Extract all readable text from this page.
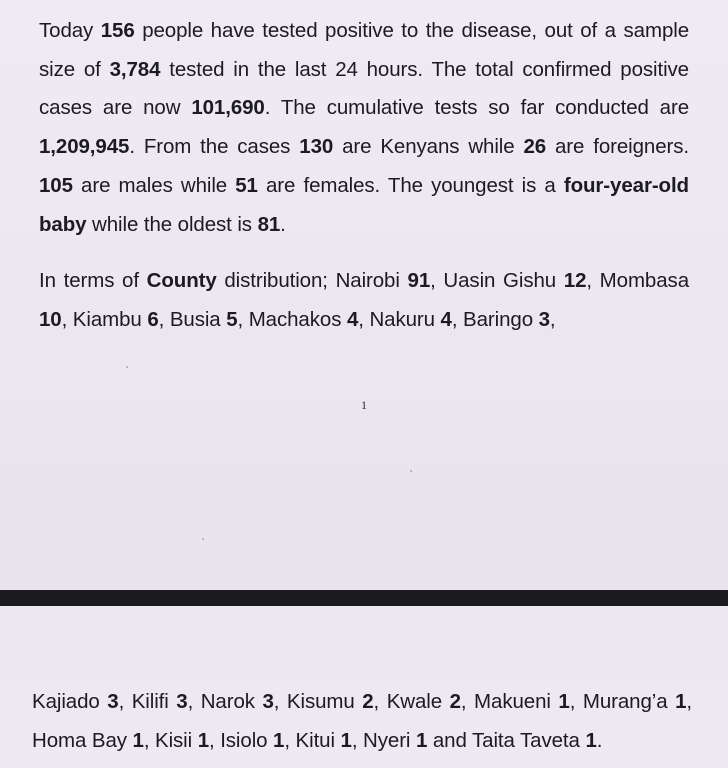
Today 156 people have tested positive to the disease, out of a sample size of 3,784 tested in the last 24 hours. The total confirmed positive cases are now 101,690. The cumulative tests so far conducted are 1,209,945. From the cases 130 are Kenyans while 26 are foreigners. 105 are males while 51 are females. The youngest is a four-year-old baby while the oldest is 81.

In terms of County distribution; Nairobi 91, Uasin Gishu 12, Mombasa 10, Kiambu 6, Busia 5, Machakos 4, Nakuru 4, Baringo 3,

1

Kajiado 3, Kilifi 3, Narok 3, Kisumu 2, Kwale 2, Makueni 1, Murang’a 1, Homa Bay 1, Kisii 1, Isiolo 1, Kitui 1, Nyeri 1 and Taita Taveta 1.
